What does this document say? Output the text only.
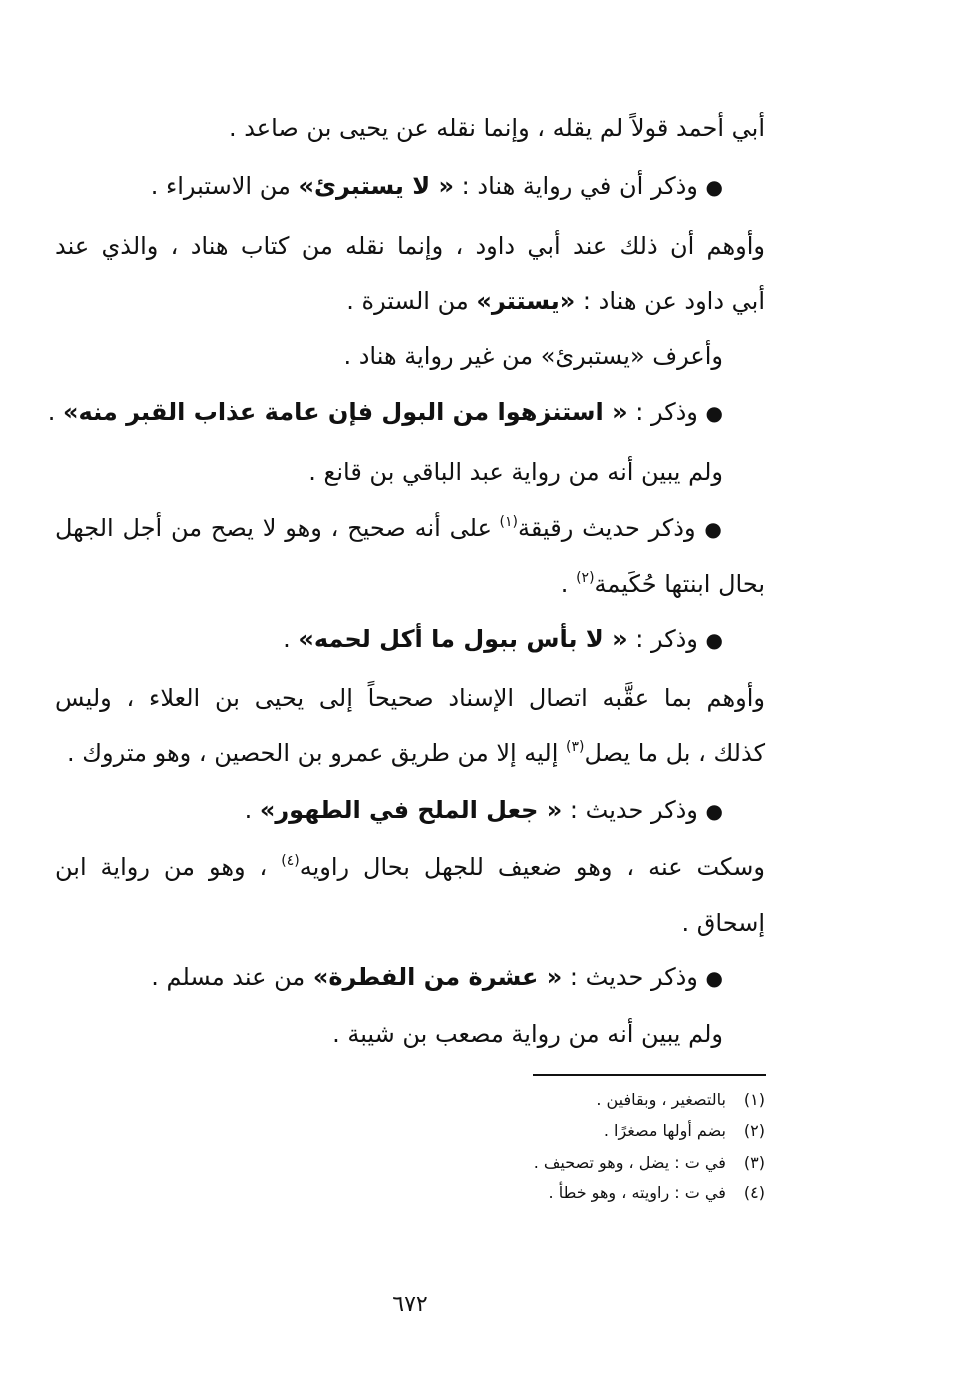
أبي أحمد قولاً لم يقله ، وإنما نقله عن يحيى بن صاعد .
● وذكر أن في رواية هناد : « لا يستبرئ» من الاستبراء .
وأوهم أن ذلك عند أبي داود ، وإنما نقله من كتاب هناد ، والذي عند
أبي داود عن هناد : «يستتر» من السترة .
وأعرف «يستبرئ» من غير رواية هناد .
● وذكر : « استنزهوا من البول فإن عامة عذاب القبر منه» .
ولم يبين أنه من رواية عبد الباقي بن قانع .
● وذكر حديث رقيقة$^{(١)}$ على أنه صحيح ، وهو لا يصح من أجل الجهل
بحال ابنتها حُكَيمة$^{(٢)}$ .
● وذكر : « لا بأس ببول ما أكل لحمه» .
وأوهم بما عقَّبه اتصال الإسناد صحيحاً إلى يحيى بن العلاء ، وليس
كذلك ، بل ما يصل$^{(٣)}$ إليه إلا من طريق عمرو بن الحصين ، وهو متروك .
● وذكر حديث : « جعل الملح في الطهور» .
وسكت عنه ، وهو ضعيف للجهل بحال راويه$^{(٤)}$ ، وهو من رواية ابن
إسحاق .
● وذكر حديث : « عشرة من الفطرة» من عند مسلم .
ولم يبين أنه من رواية مصعب بن شيبة .
(١) بالتصغير ، وبقافين .
(٢) بضم أولها مصغرًا .
(٣) في ت : يضل ، وهو تصحيف .
(٤) في ت : راويته ، وهو خطأ .
٦٧٢
